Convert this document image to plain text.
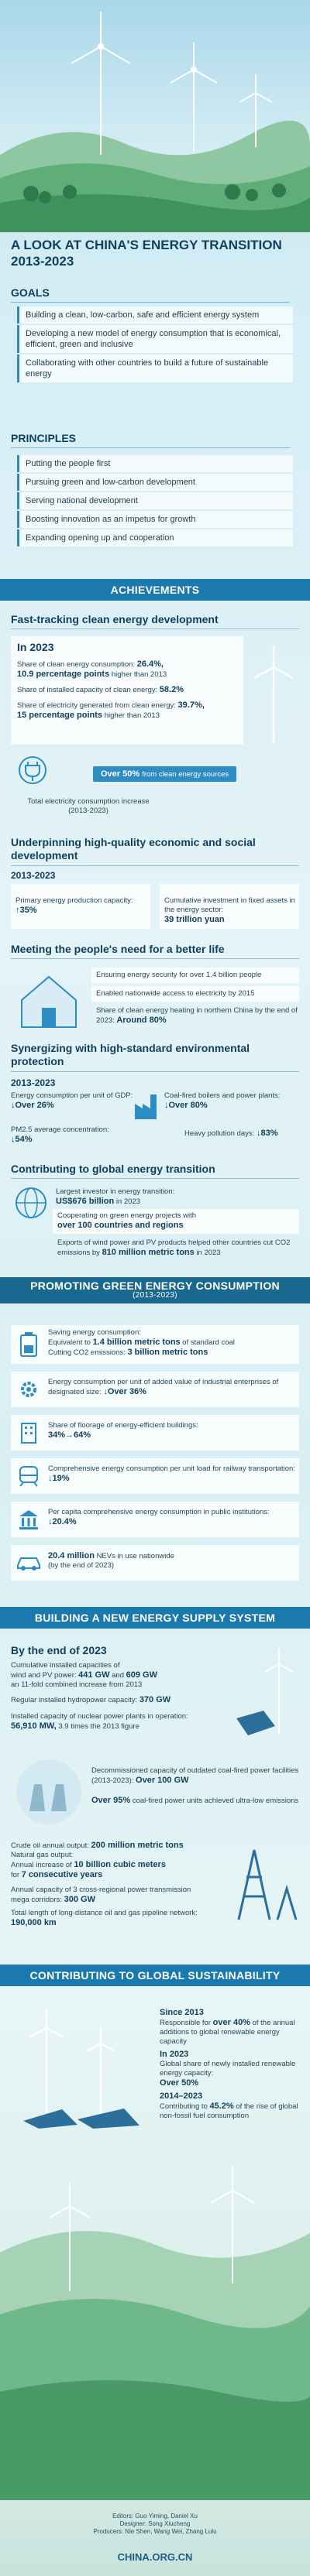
A LOOK AT CHINA'S ENERGY TRANSITION 2013-2023
GOALS
Building a clean, low-carbon, safe and efficient energy system
Developing a new model of energy consumption that is economical, efficient, green and inclusive
Collaborating with other countries to build a future of sustainable energy
PRINCIPLES
Putting the people first
Pursuing green and low-carbon development
Serving national development
Boosting innovation as an impetus for growth
Expanding opening up and cooperation
ACHIEVEMENTS
Fast-tracking clean energy development
In 2023
Share of clean energy consumption: 26.4%,
10.9 percentage points higher than 2013
Share of installed capacity of clean energy: 58.2%
Share of electricity generated from clean energy: 39.7%,
15 percentage points higher than 2013
Over 50% from clean energy sources
Total electricity consumption increase
(2013-2023)
Underpinning high-quality economic and social development
2013-2023
Primary energy production capacity:
↑35%
Cumulative investment in fixed assets in the energy sector:
39 trillion yuan
Meeting the people's need for a better life
Ensuring energy security for over 1.4 billion people
Enabled nationwide access to electricity by 2015
Share of clean energy heating in northern China by the end of 2023: Around 80%
Synergizing with high-standard environmental protection
2013-2023
Energy consumption per unit of GDP: ↓Over 26%
Coal-fired boilers and power plants:
↓Over 80%
PM2.5 average concentration:
↓54%
Heavy pollution days: ↓83%
Contributing to global energy transition
Largest investor in energy transition:
US$676 billion in 2023
Cooperating on green energy projects with
over 100 countries and regions
Exports of wind power and PV products helped other countries cut CO2 emissions by 810 million metric tons in 2023
PROMOTING GREEN ENERGY CONSUMPTION
(2013-2023)
Saving energy consumption:
Equivalent to 1.4 billion metric tons of standard coal
Cutting CO2 emissions: 3 billion metric tons
Energy consumption per unit of added value of industrial enterprises of designated size: ↓Over 36%
Share of floorage of energy-efficient buildings:
34%→64%
Comprehensive energy consumption per unit load for railway transportation: ↓19%
Per capita comprehensive energy consumption in public institutions: ↓20.4%
20.4 million NEVs in use nationwide
(by the end of 2023)
BUILDING A NEW ENERGY SUPPLY SYSTEM
By the end of 2023
Cumulative installed capacities of
wind and PV power: 441 GW and 609 GW
an 11-fold combined increase from 2013
Regular installed hydropower capacity: 370 GW
Installed capacity of nuclear power plants in operation:
56,910 MW, 3.9 times the 2013 figure
Decommissioned capacity of outdated coal-fired power facilities (2013-2023): Over 100 GW
Over 95% coal-fired power units achieved ultra-low emissions
Crude oil annual output: 200 million metric tons
Natural gas output:
Annual increase of 10 billion cubic meters
for 7 consecutive years
Annual capacity of 3 cross-regional power transmission mega corridors: 300 GW
Total length of long-distance oil and gas pipeline network:
190,000 km
CONTRIBUTING TO GLOBAL SUSTAINABILITY
Since 2013
Responsible for over 40% of the annual additions to global renewable energy capacity
In 2023
Global share of newly installed renewable energy capacity:
Over 50%
2014–2023
Contributing to 45.2% of the rise of global non-fossil fuel consumption
Editors: Guo Yiming, Daniel Xu
Designer: Song Xiucheng
Producers: Nie Shen, Wang Wei, Zhang Lulu
CHINA.ORG.CN
